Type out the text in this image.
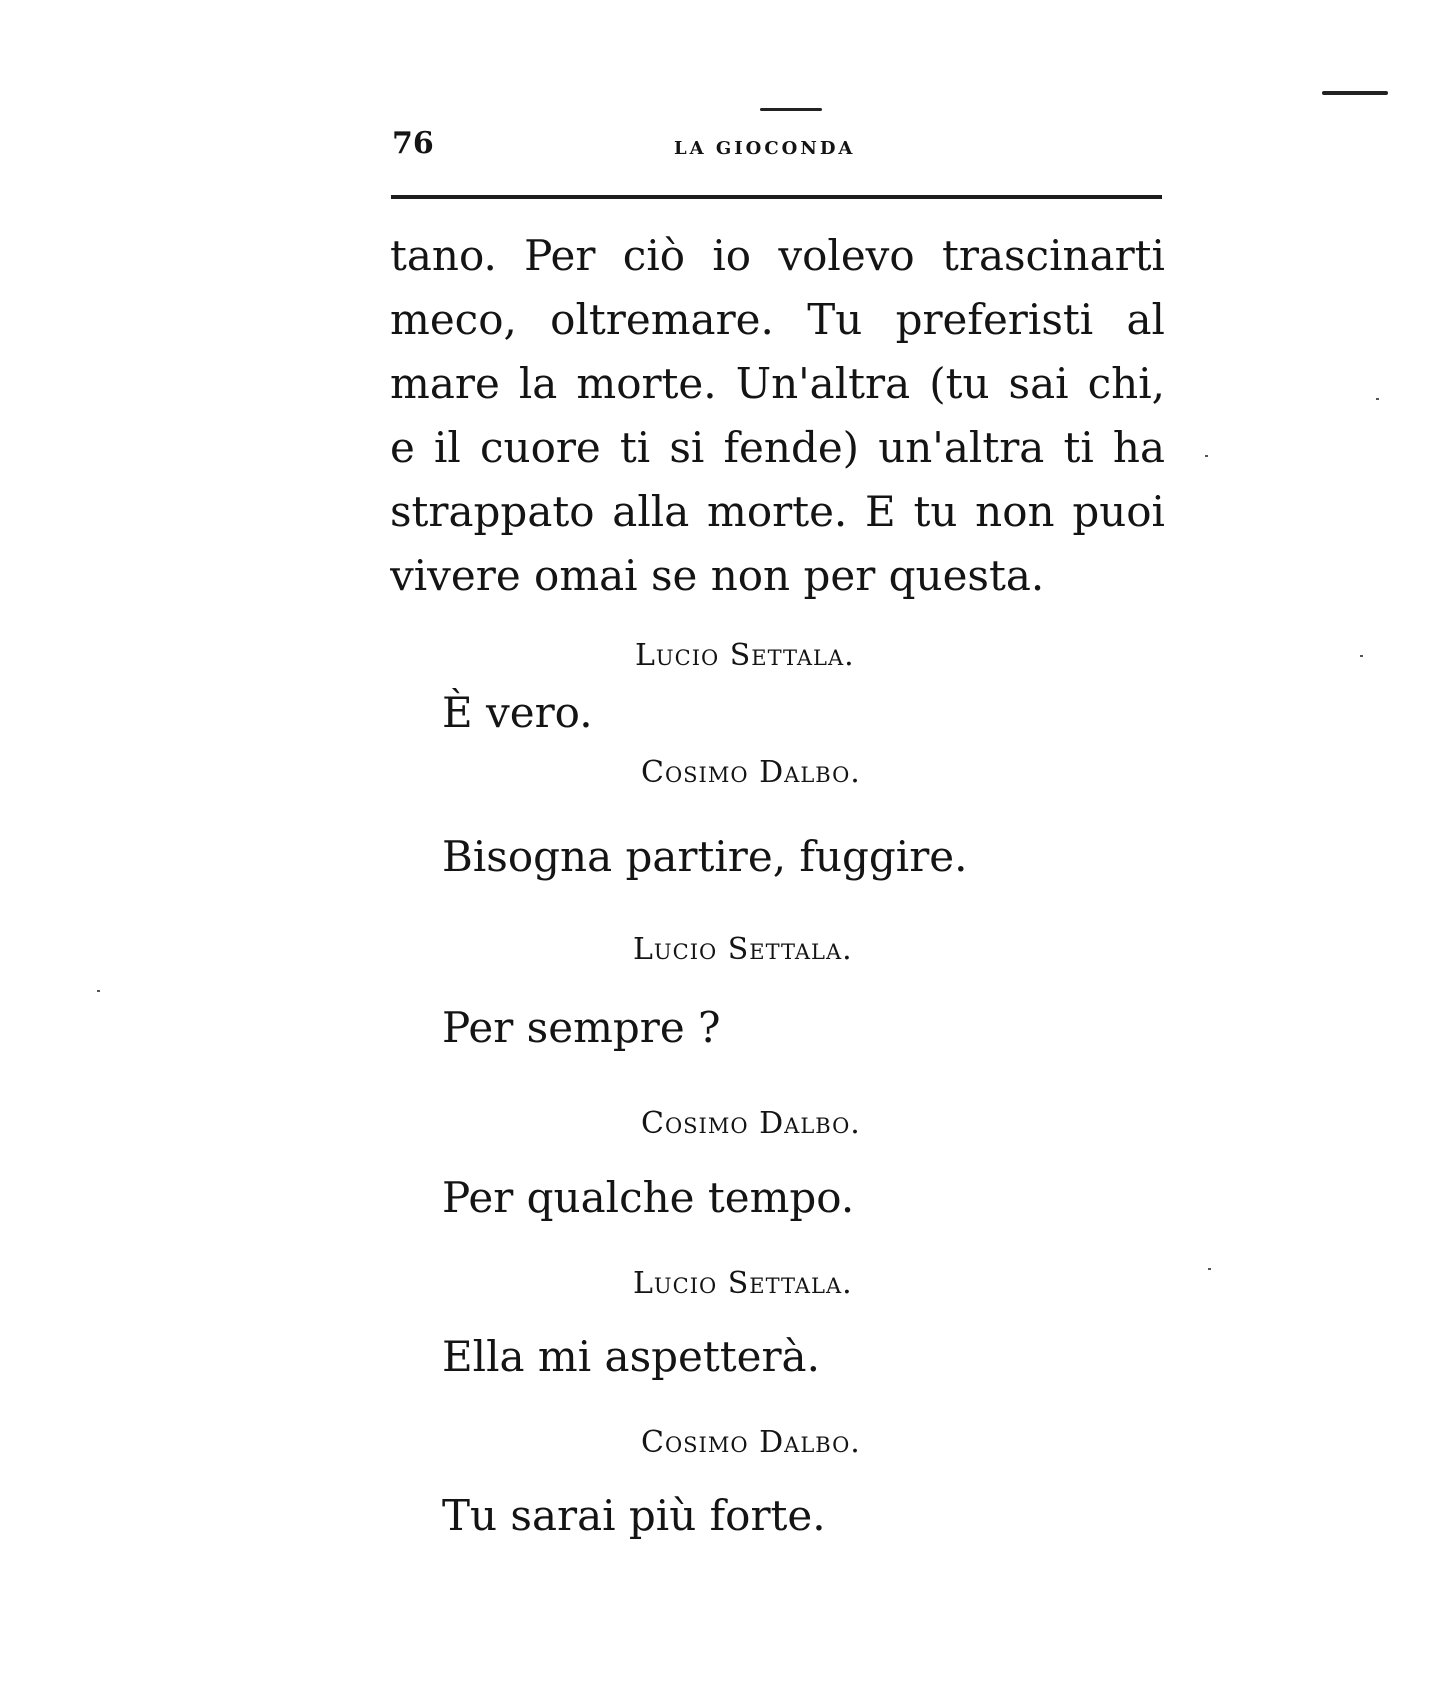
76	LA GIOCONDA
tano. Per ciò io volevo trascinarti
meco, oltremare. Tu preferisti al
mare la morte. Un'altra (tu sai chi,
e il cuore ti si fende) un'altra ti ha
strappato alla morte. E tu non puoi
vivere omai se non per questa.
Lucio Settala.
È vero.
Cosimo Dalbo.
Bisogna partire, fuggire.
Lucio Settala.
Per sempre ?
Cosimo Dalbo.
Per qualche tempo.
Lucio Settala.
Ella mi aspetterà.
Cosimo Dalbo.
Tu sarai più forte.
